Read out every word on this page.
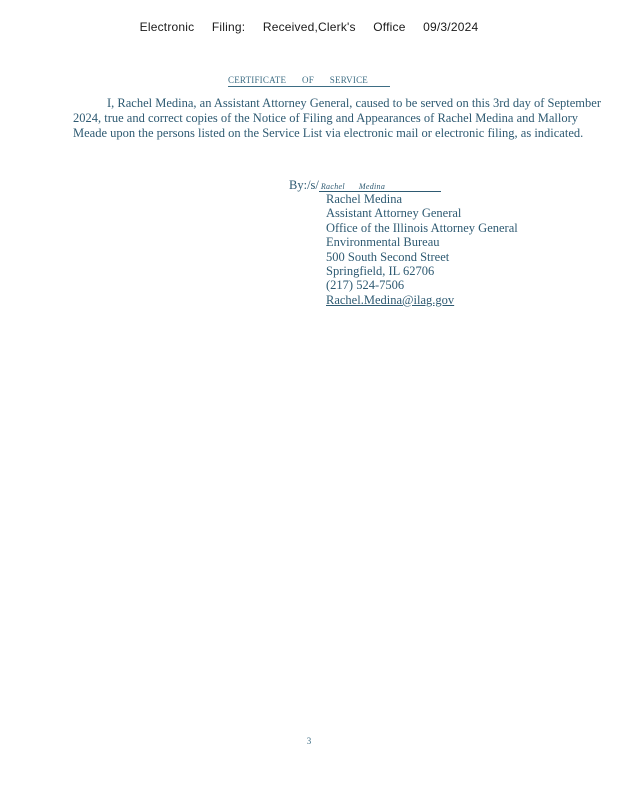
Electronic Filing: Received,Clerk's Office 09/3/2024
CERTIFICATE OF SERVICE
I, Rachel Medina, an Assistant Attorney General, caused to be served on this 3rd day of September 2024, true and correct copies of the Notice of Filing and Appearances of Rachel Medina and Mallory Meade upon the persons listed on the Service List via electronic mail or electronic filing, as indicated.
By:/s/ Rachel Medina
Rachel Medina
Assistant Attorney General
Office of the Illinois Attorney General
Environmental Bureau
500 South Second Street
Springfield, IL 62706
(217) 524-7506
Rachel.Medina@ilag.gov
3
